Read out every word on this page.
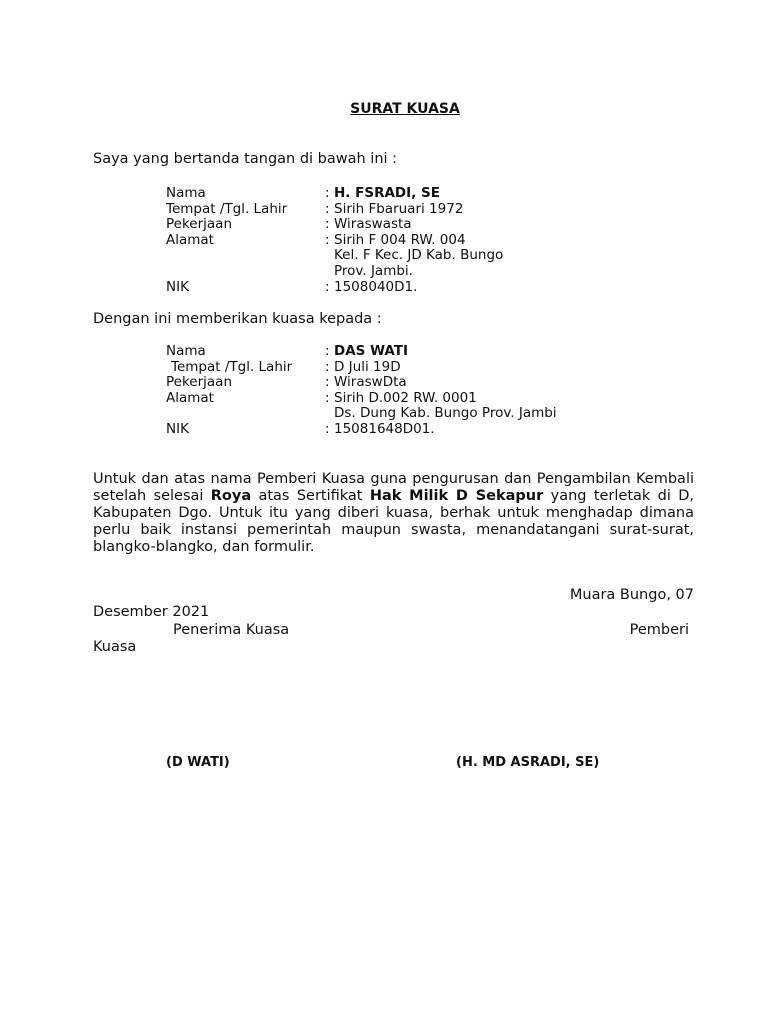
SURAT KUASA
Saya yang bertanda tangan di bawah ini :
Nama	: H. FSRADI, SE
Tempat /Tgl. Lahir	: Sirih Fbaruari 1972
Pekerjaan	: Wiraswasta
Alamat	: Sirih F 004 RW. 004
Kel. F Kec. JD Kab. Bungo
Prov. Jambi.
NIK	: 1508040D1.
Dengan ini memberikan kuasa kepada :
Nama	: DAS WATI
Tempat /Tgl. Lahir : D Juli 19D
Pekerjaan	: WiraswDta
Alamat	: Sirih D.002 RW. 0001
Ds. Dung Kab. Bungo Prov. Jambi
NIK	: 15081648D01.
Untuk dan atas nama Pemberi Kuasa guna pengurusan dan Pengambilan Kembali setelah selesai Roya atas Sertifikat Hak Milik D Sekapur yang terletak di D, Kabupaten Dgo. Untuk itu yang diberi kuasa, berhak untuk menghadap dimana perlu baik instansi pemerintah maupun swasta, menandatangani surat-surat, blangko-blangko, dan formulir.
Muara Bungo, 07
Desember 2021
Penerima Kuasa	Pemberi
Kuasa
(D WATI)	(H. MD ASRADI, SE)
